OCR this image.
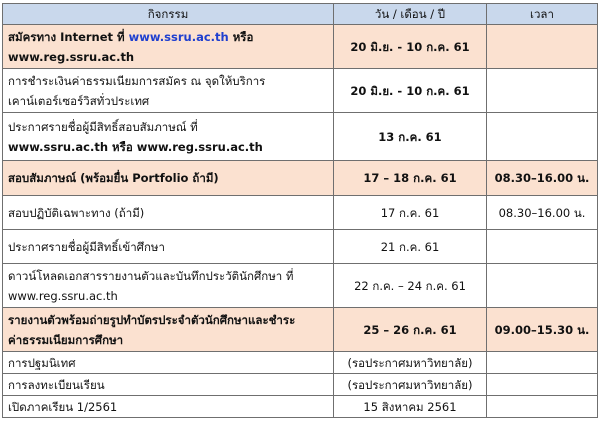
กิจกรรม	วัน / เดือน / ปี	เวลา
สมัครทาง Internet ที่ www.ssru.ac.th หรือ
www.reg.ssru.ac.th	20 มิ.ย. - 10 ก.ค. 61	
การชำระเงินค่าธรรมเนียมการสมัคร ณ จุดให้บริการ
เคาน์เตอร์เซอร์วิสทั่วประเทศ	20 มิ.ย. - 10 ก.ค. 61	
ประกาศรายชื่อผู้มีสิทธิ์สอบสัมภาษณ์ ที่
www.ssru.ac.th หรือ www.reg.ssru.ac.th	13 ก.ค. 61	
สอบสัมภาษณ์ (พร้อมยื่น Portfolio ถ้ามี)	17 – 18 ก.ค. 61	08.30–16.00 น.
สอบปฏิบัติเฉพาะทาง (ถ้ามี)	17 ก.ค. 61	08.30–16.00 น.
ประกาศรายชื่อผู้มีสิทธิ์เข้าศึกษา	21 ก.ค. 61	
ดาวน์โหลดเอกสารรายงานตัวและบันทึกประวัตินักศึกษา ที่
www.reg.ssru.ac.th	22 ก.ค. – 24 ก.ค. 61	
รายงานตัวพร้อมถ่ายรูปทำบัตรประจำตัวนักศึกษาและชำระ
ค่าธรรมเนียมการศึกษา	25 – 26 ก.ค. 61	09.00–15.30 น.
การปฐมนิเทศ	(รอประกาศมหาวิทยาลัย)	
การลงทะเบียนเรียน	(รอประกาศมหาวิทยาลัย)	
เปิดภาคเรียน 1/2561	15 สิงหาคม 2561	
